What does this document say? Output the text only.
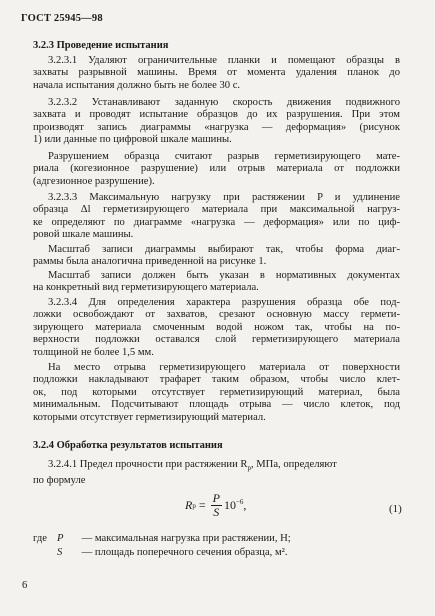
ГОСТ 25945—98
3.2.3 Проведение испытания
3.2.3.1 Удаляют ограничительные планки и помещают образцы в
захваты разрывной машины. Время от момента удаления планок до
начала испытания должно быть не более 30 с.
3.2.3.2 Устанавливают заданную скорость движения подвижного
захвата и проводят испытание образцов до их разрушения. При этом
производят запись диаграммы «нагрузка — деформация» (рисунок
1) или данные по цифровой шкале машины.
Разрушением образца считают разрыв герметизирующего мате-
риала (когезионное разрушение) или отрыв материала от подложки
(адгезионное разрушение).
3.2.3.3 Максимальную нагрузку при растяжении P и удлинение
образца Δl герметизирующего материала при максимальной нагруз-
ке определяют по диаграмме «нагрузка — деформация» или по циф-
ровой шкале машины.
Масштаб записи диаграммы выбирают так, чтобы форма диаг-
раммы была аналогична приведенной на рисунке 1.
Масштаб записи должен быть указан в нормативных документах
на конкретный вид герметизирующего материала.
3.2.3.4 Для определения характера разрушения образца обе под-
ложки освобождают от захватов, срезают основную массу гермети-
зирующего материала смоченным водой ножом так, чтобы на по-
верхности подложки оставался слой герметизирующего материала
толщиной не более 1,5 мм.
На место отрыва герметизирующего материала от поверхности
подложки накладывают трафарет таким образом, чтобы число клет-
ок, под которыми отсутствует герметизирующий материал, была
минимальным. Подсчитывают площадь отрыва — число клеток, под
которыми отсутствует герметизирующий материал.
3.2.4 Обработка результатов испытания
3.2.4.1 Предел прочности при растяжении $R_р$, МПа, определяют
по формуле
R $р = \frac{P}{S} 10^{-6}$ ,	(1)
где P — максимальная нагрузка при растяжении, Н;
S — площадь поперечного сечения образца, м².
6
